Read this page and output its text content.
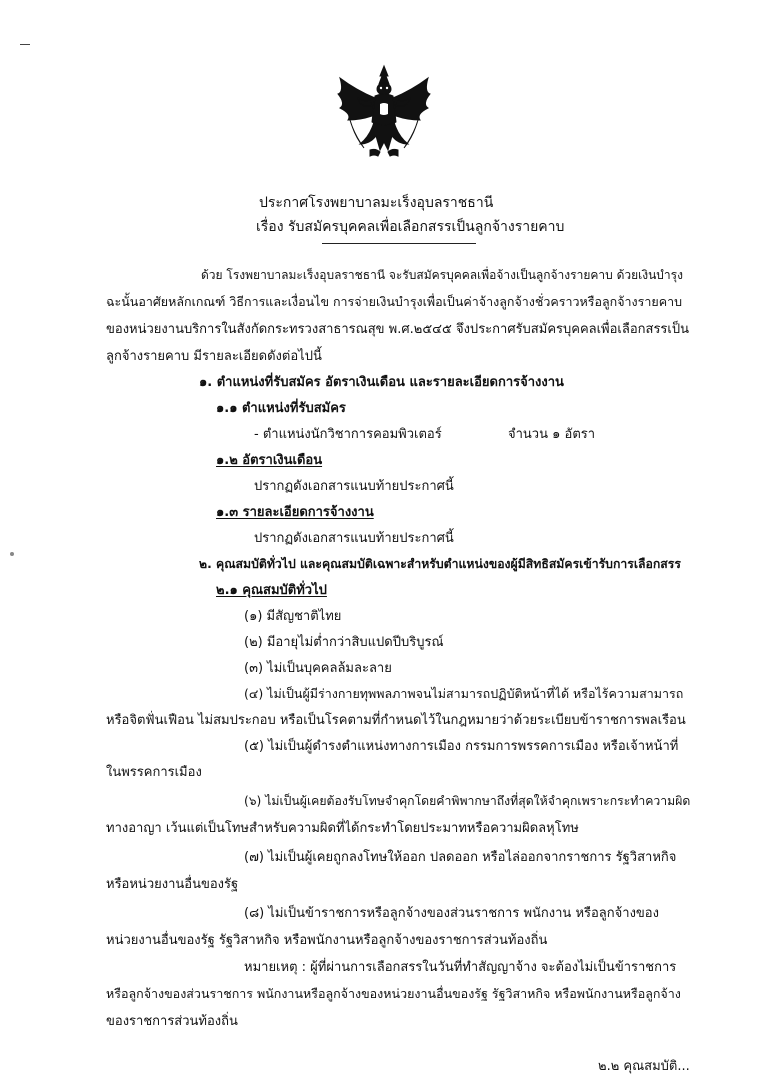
ประกาศโรงพยาบาลมะเร็งอุบลราชธานี
เรื่อง รับสมัครบุคคลเพื่อเลือกสรรเป็นลูกจ้างรายคาบ
ด้วย โรงพยาบาลมะเร็งอุบลราชธานี จะรับสมัครบุคคลเพื่อจ้างเป็นลูกจ้างรายคาบ ด้วยเงินบำรุง
ฉะนั้นอาศัยหลักเกณฑ์ วิธีการและเงื่อนไข การจ่ายเงินบำรุงเพื่อเป็นค่าจ้างลูกจ้างชั่วคราวหรือลูกจ้างรายคาบ
ของหน่วยงานบริการในสังกัดกระทรวงสาธารณสุข พ.ศ.๒๕๔๕ จึงประกาศรับสมัครบุคคลเพื่อเลือกสรรเป็น
ลูกจ้างรายคาบ มีรายละเอียดดังต่อไปนี้
๑. ตำแหน่งที่รับสมัคร อัตราเงินเดือน และรายละเอียดการจ้างงาน
๑.๑ ตำแหน่งที่รับสมัคร
- ตำแหน่งนักวิชาการคอมพิวเตอร์	จำนวน ๑ อัตรา
๑.๒ อัตราเงินเดือน
ปรากฏดังเอกสารแนบท้ายประกาศนี้
๑.๓ รายละเอียดการจ้างงาน
ปรากฏดังเอกสารแนบท้ายประกาศนี้
๒. คุณสมบัติทั่วไป และคุณสมบัติเฉพาะสำหรับตำแหน่งของผู้มีสิทธิสมัครเข้ารับการเลือกสรร
๒.๑ คุณสมบัติทั่วไป
(๑) มีสัญชาติไทย
(๒) มีอายุไม่ต่ำกว่าสิบแปดปีบริบูรณ์
(๓) ไม่เป็นบุคคลล้มละลาย
(๔) ไม่เป็นผู้มีร่างกายทุพพลภาพจนไม่สามารถปฏิบัติหน้าที่ได้ หรือไร้ความสามารถ
หรือจิตฟั่นเฟือน ไม่สมประกอบ หรือเป็นโรคตามที่กำหนดไว้ในกฎหมายว่าด้วยระเบียบข้าราชการพลเรือน
(๕) ไม่เป็นผู้ดำรงตำแหน่งทางการเมือง กรรมการพรรคการเมือง หรือเจ้าหน้าที่
ในพรรคการเมือง
(๖) ไม่เป็นผู้เคยต้องรับโทษจำคุกโดยคำพิพากษาถึงที่สุดให้จำคุกเพราะกระทำความผิด
ทางอาญา เว้นแต่เป็นโทษสำหรับความผิดที่ได้กระทำโดยประมาทหรือความผิดลหุโทษ
(๗) ไม่เป็นผู้เคยถูกลงโทษให้ออก ปลดออก หรือไล่ออกจากราชการ รัฐวิสาหกิจ
หรือหน่วยงานอื่นของรัฐ
(๘) ไม่เป็นข้าราชการหรือลูกจ้างของส่วนราชการ พนักงาน หรือลูกจ้างของ
หน่วยงานอื่นของรัฐ รัฐวิสาหกิจ หรือพนักงานหรือลูกจ้างของราชการส่วนท้องถิ่น
หมายเหตุ : ผู้ที่ผ่านการเลือกสรรในวันที่ทำสัญญาจ้าง จะต้องไม่เป็นข้าราชการ
หรือลูกจ้างของส่วนราชการ พนักงานหรือลูกจ้างของหน่วยงานอื่นของรัฐ รัฐวิสาหกิจ หรือพนักงานหรือลูกจ้าง
ของราชการส่วนท้องถิ่น
๒.๒ คุณสมบัติ...
